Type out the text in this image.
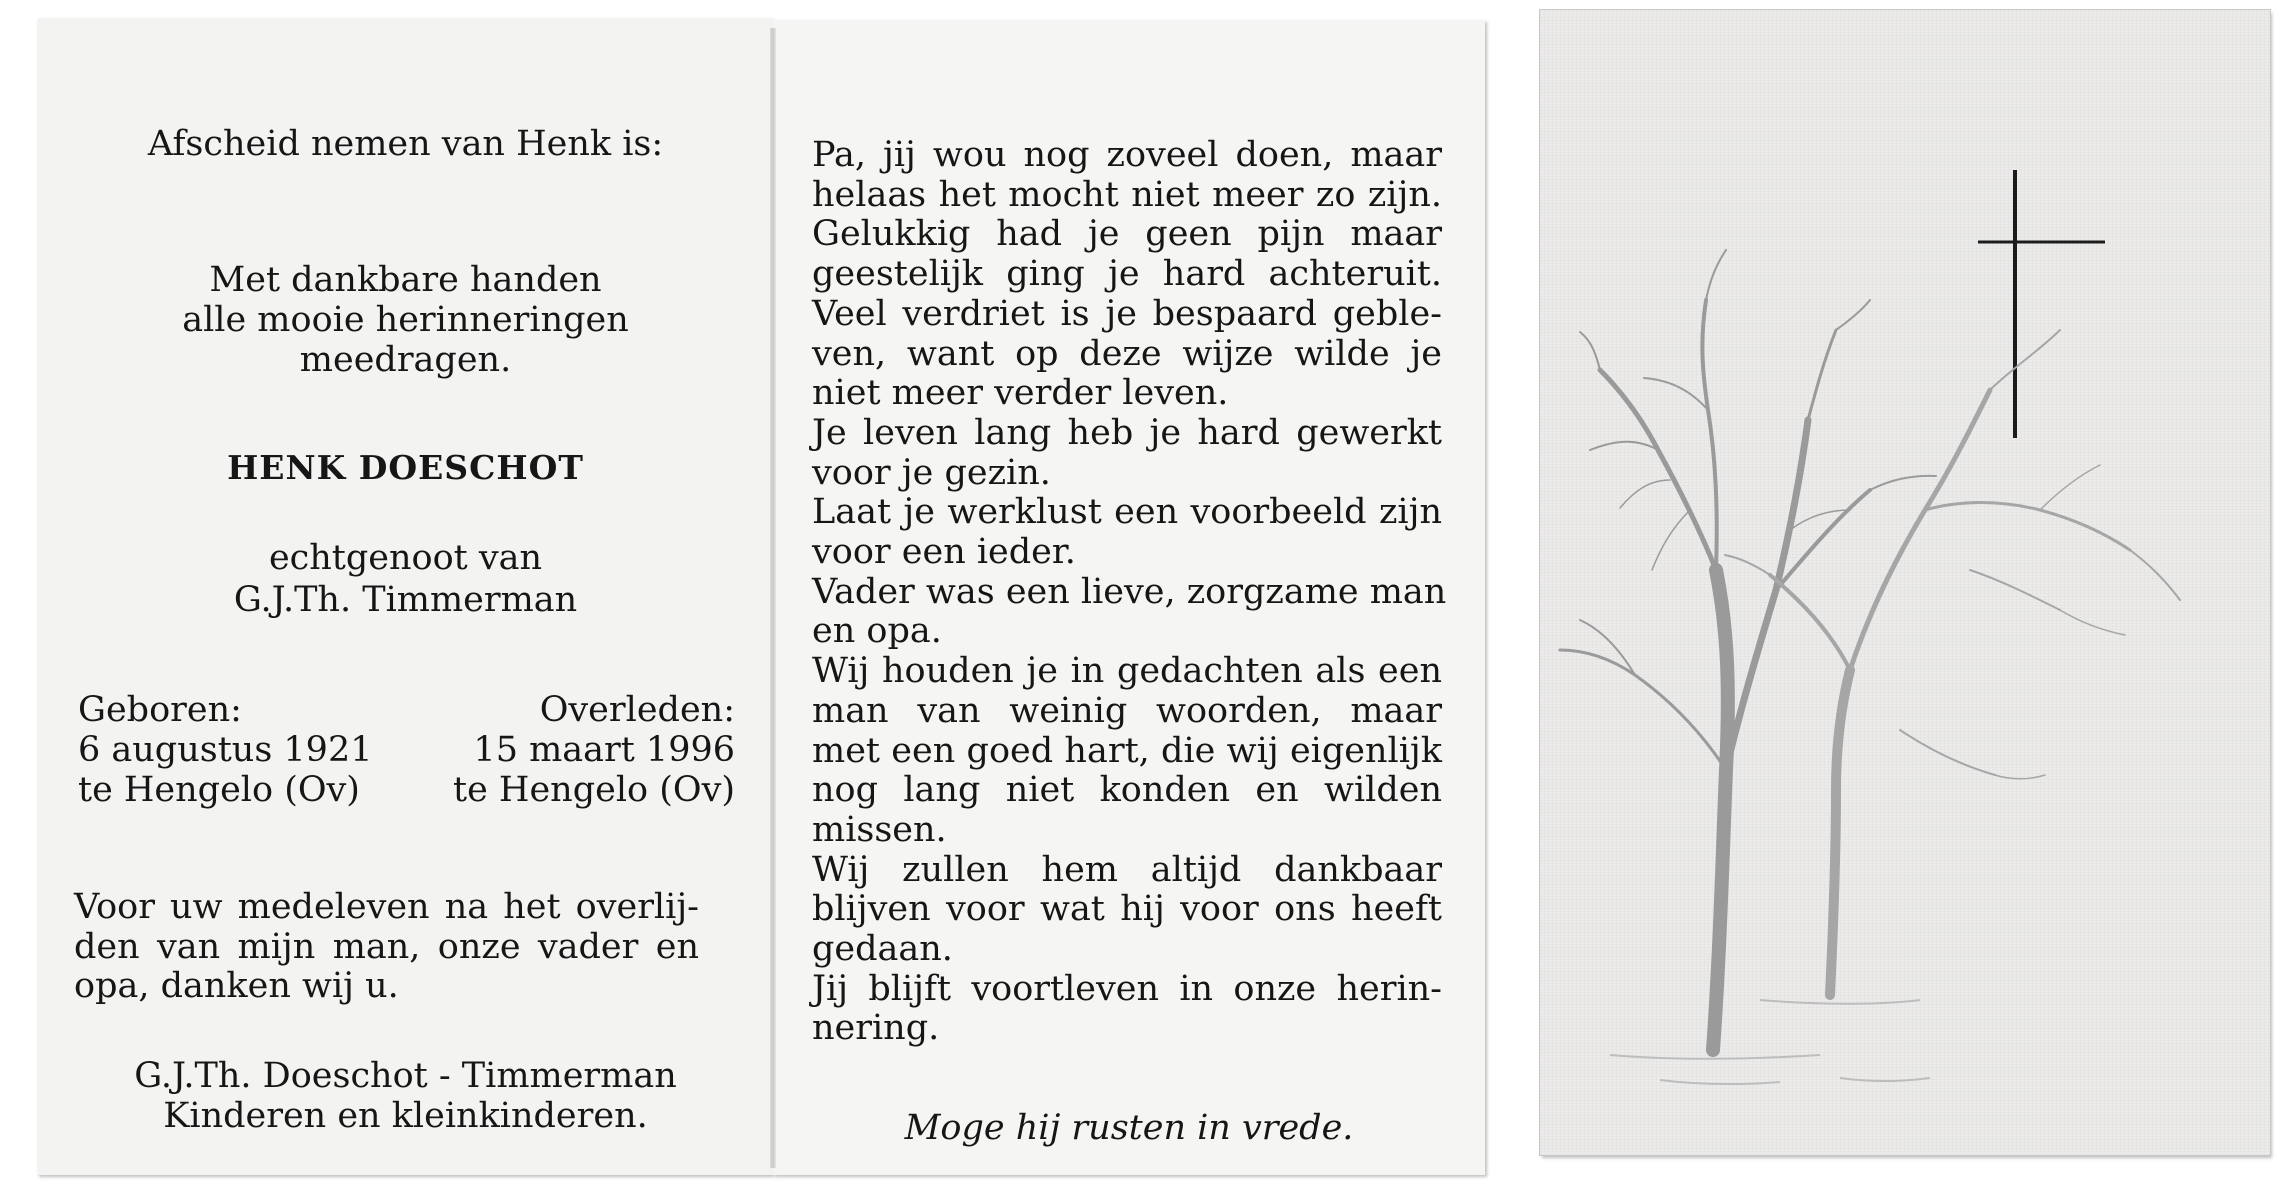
Afscheid nemen van Henk is:
Met dankbare handen
alle mooie herinneringen
meedragen.
HENK DOESCHOT
echtgenoot van
G.J.Th. Timmerman
Geboren:
6 augustus 1921
te Hengelo (Ov)
Overleden:
15 maart 1996
te Hengelo (Ov)
Voor uw medeleven na het overlij-
den van mijn man, onze vader en
opa, danken wij u.
G.J.Th. Doeschot - Timmerman
Kinderen en kleinkinderen.
Pa, jij wou nog zoveel doen, maar
helaas het mocht niet meer zo zijn.
Gelukkig had je geen pijn maar
geestelijk ging je hard achteruit.
Veel verdriet is je bespaard geble-
ven, want op deze wijze wilde je
niet meer verder leven.
Je leven lang heb je hard gewerkt
voor je gezin.
Laat je werklust een voorbeeld zijn
voor een ieder.
Vader was een lieve, zorgzame man
en opa.
Wij houden je in gedachten als een
man van weinig woorden, maar
met een goed hart, die wij eigenlijk
nog lang niet konden en wilden
missen.
Wij zullen hem altijd dankbaar
blijven voor wat hij voor ons heeft
gedaan.
Jij blijft voortleven in onze herin-
nering.
Moge hij rusten in vrede.
